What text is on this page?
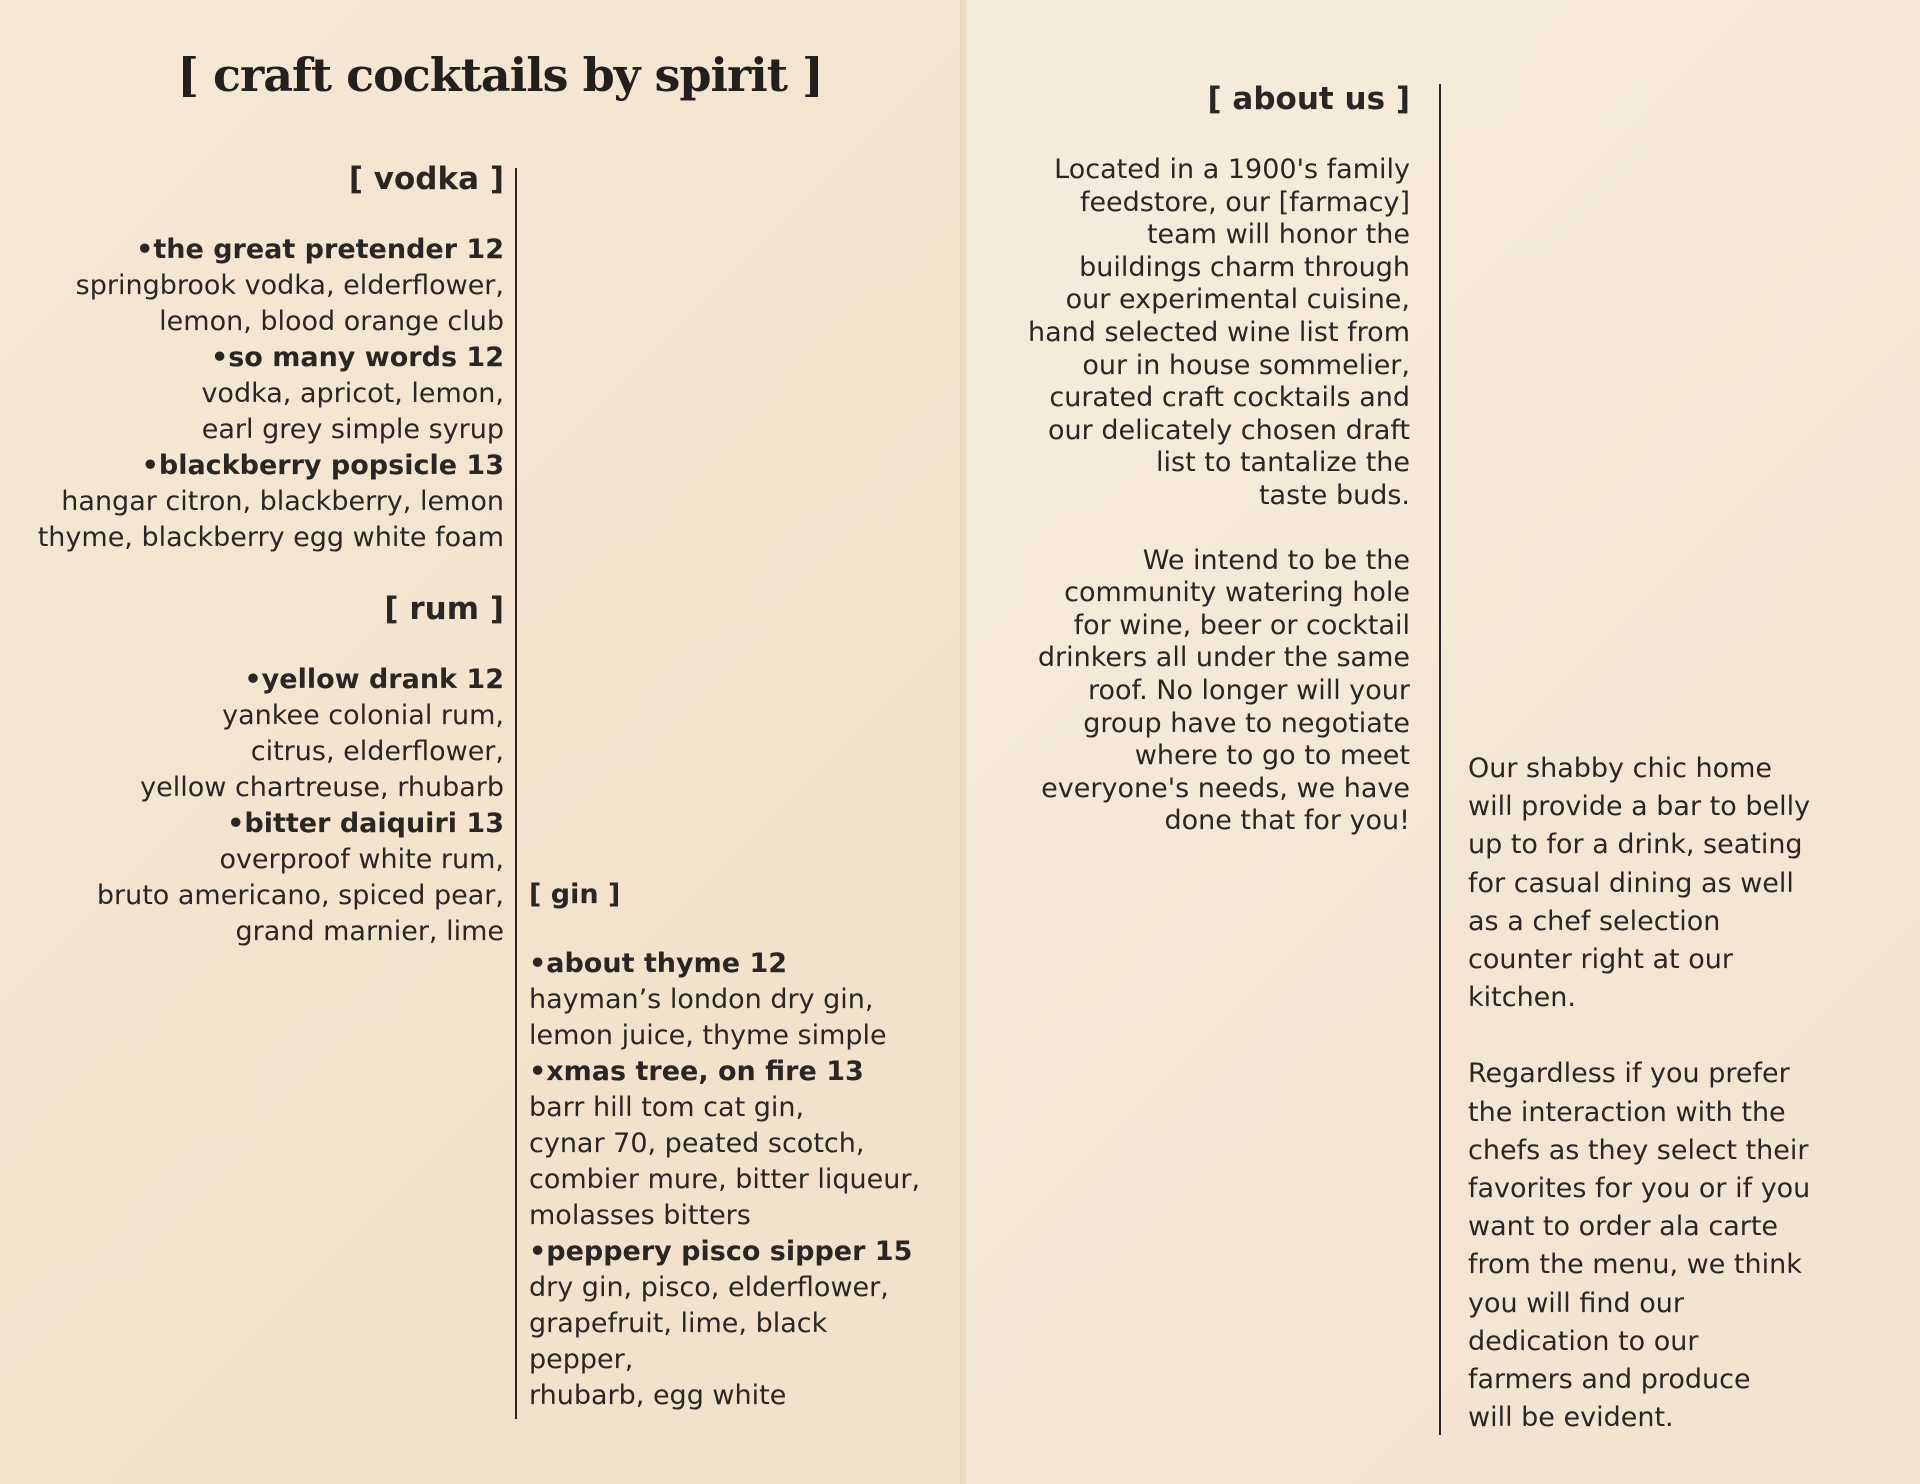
[ craft cocktails by spirit ]

[ vodka ]

•the great pretender 12

springbrook vodka, elderflower,

lemon, blood orange club

•so many words 12

vodka, apricot, lemon,

earl grey simple syrup

•blackberry popsicle 13

hangar citron, blackberry, lemon

thyme, blackberry egg white foam

[ rum ]

•yellow drank 12

yankee colonial rum,

citrus, elderflower,

yellow chartreuse, rhubarb

•bitter daiquiri 13

overproof white rum,

bruto americano, spiced pear,

grand marnier, lime

[ gin ]

•about thyme 12

hayman’s london dry gin,

lemon juice, thyme simple

•xmas tree, on fire 13

barr hill tom cat gin,

cynar 70, peated scotch,

combier mure, bitter liqueur,

molasses bitters

•peppery pisco sipper 15

dry gin, pisco, elderflower,

grapefruit, lime, black

pepper,

rhubarb, egg white

[ about us ]

Located in a 1900's family

feedstore, our [farmacy]

team will honor the

buildings charm through

our experimental cuisine,

hand selected wine list from

our in house sommelier,

curated craft cocktails and

our delicately chosen draft

list to tantalize the

taste buds.

We intend to be the

community watering hole

for wine, beer or cocktail

drinkers all under the same

roof. No longer will your

group have to negotiate

where to go to meet

everyone's needs, we have

done that for you!

Our shabby chic home

will provide a bar to belly

up to for a drink, seating

for casual dining as well

as a chef selection

counter right at our

kitchen.

Regardless if you prefer

the interaction with the

chefs as they select their

favorites for you or if you

want to order ala carte

from the menu, we think

you will find our

dedication to our

farmers and produce

will be evident.
